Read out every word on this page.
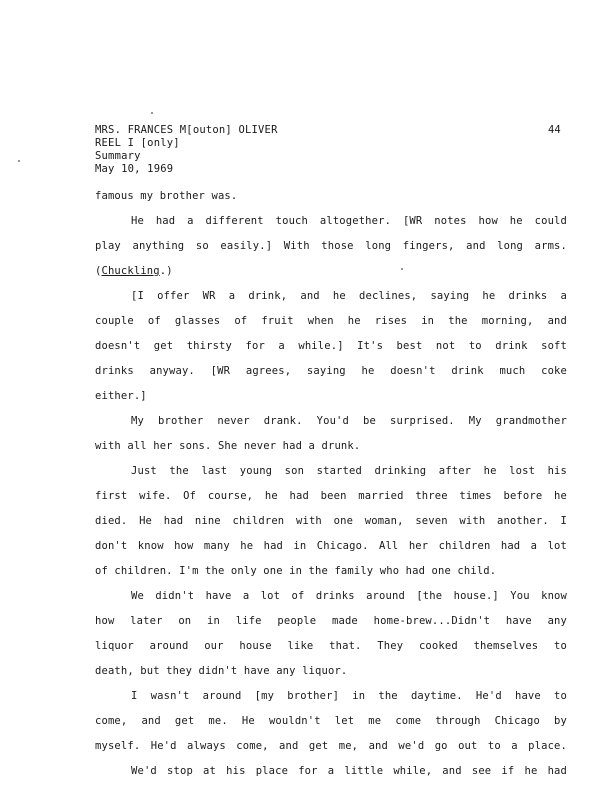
MRS. FRANCES M[outon] OLIVER
REEL I [only]
Summary
May 10, 1969
44
famous my brother was.
He had a different touch altogether. [WR notes how he could
play anything so easily.] With those long fingers, and long arms.
(Chuckling.)
[I offer WR a drink, and he declines, saying he drinks a
couple of glasses of fruit when he rises in the morning, and
doesn't get thirsty for a while.] It's best not to drink soft
drinks anyway. [WR agrees, saying he doesn't drink much coke
either.]
My brother never drank. You'd be surprised. My grandmother
with all her sons. She never had a drunk.
Just the last young son started drinking after he lost his
first wife. Of course, he had been married three times before he
died. He had nine children with one woman, seven with another. I
don't know how many he had in Chicago. All her children had a lot
of children. I'm the only one in the family who had one child.
We didn't have a lot of drinks around [the house.] You know
how later on in life people made home-brew...Didn't have any
liquor around our house like that. They cooked themselves to
death, but they didn't have any liquor.
I wasn't around [my brother] in the daytime. He'd have to
come, and get me. He wouldn't let me come through Chicago by
myself. He'd always come, and get me, and we'd go out to a place.
We'd stop at his place for a little while, and see if he had
